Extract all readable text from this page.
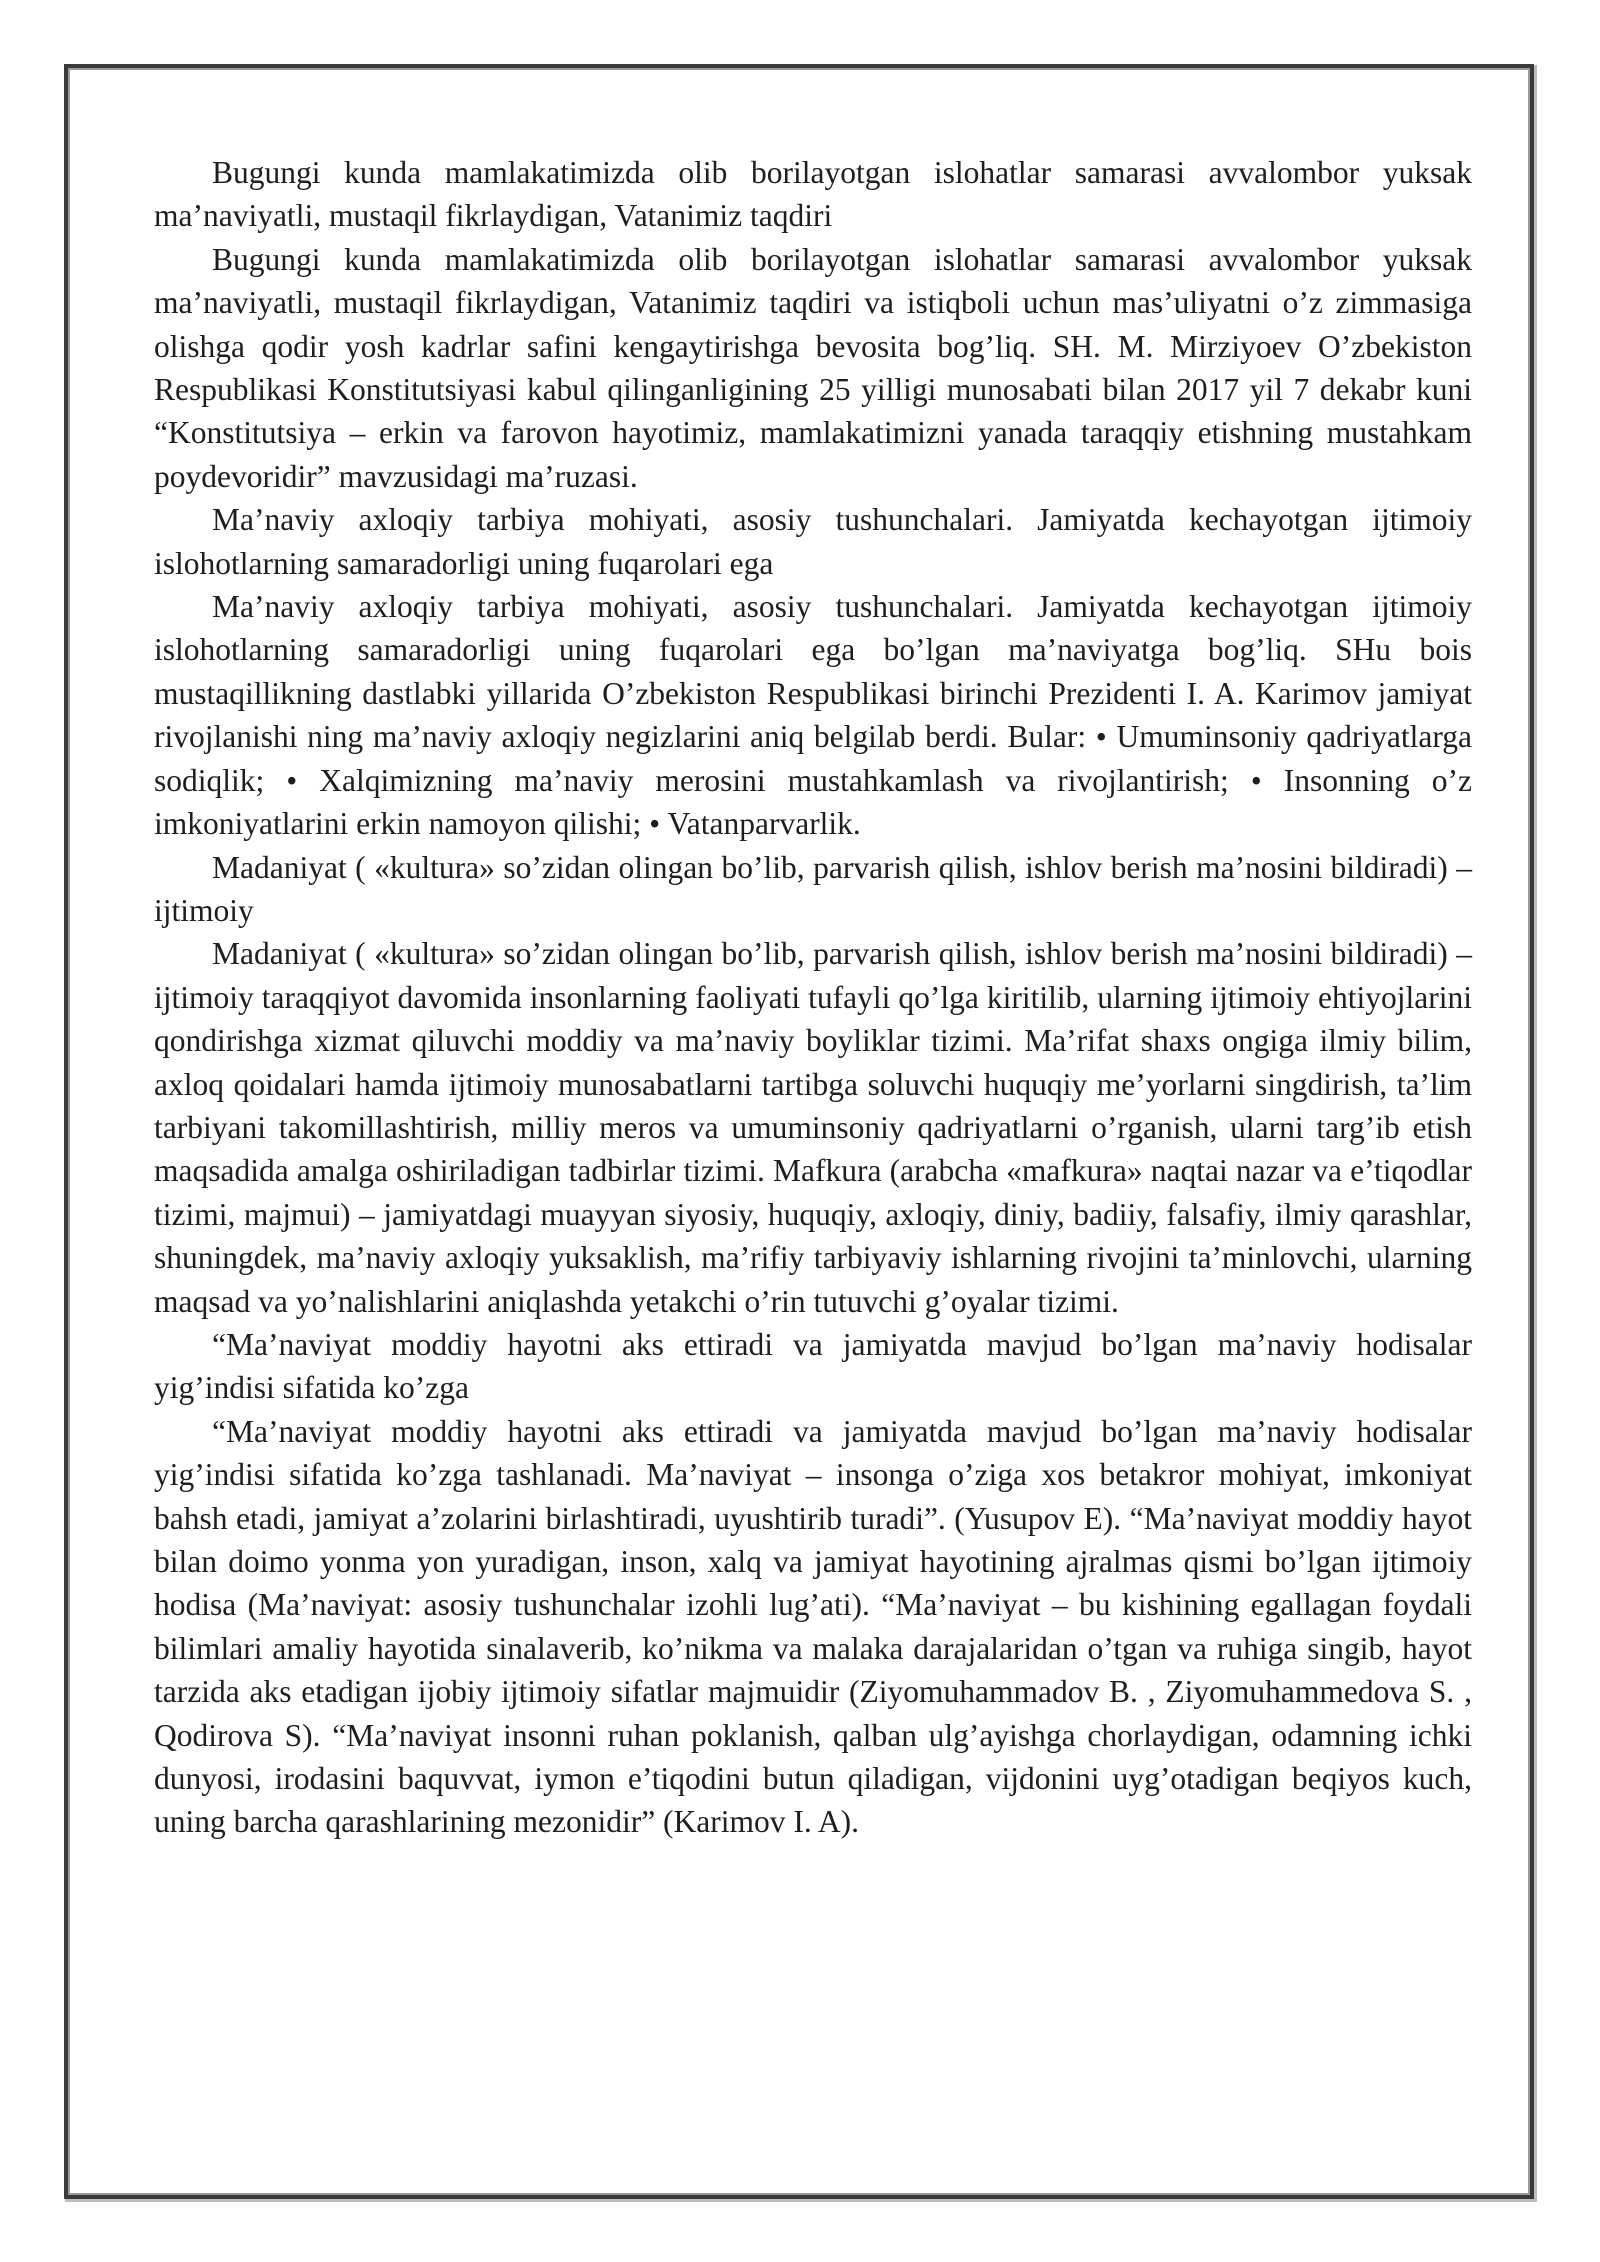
Bugungi kunda mamlakatimizda olib borilayotgan islohatlar samarasi avvalombor yuksak ma’naviyatli, mustaqil fikrlaydigan, Vatanimiz taqdiri

Bugungi kunda mamlakatimizda olib borilayotgan islohatlar samarasi avvalombor yuksak ma’naviyatli, mustaqil fikrlaydigan, Vatanimiz taqdiri va istiqboli uchun mas’uliyatni o’z zimmasiga olishga qodir yosh kadrlar safini kengaytirishga bevosita bog’liq. SH. M. Mirziyoev O’zbekiston Respublikasi Konstitutsiyasi kabul qilinganligining 25 yilligi munosabati bilan 2017 yil 7 dekabr kuni “Konstitutsiya – erkin va farovon hayotimiz, mamlakatimizni yanada taraqqiy etishning mustahkam poydevoridir” mavzusidagi ma’ruzasi.

Ma’naviy axloqiy tarbiya mohiyati, asosiy tushunchalari. Jamiyatda kechayotgan ijtimoiy islohotlarning samaradorligi uning fuqarolari ega

Ma’naviy axloqiy tarbiya mohiyati, asosiy tushunchalari. Jamiyatda kechayotgan ijtimoiy islohotlarning samaradorligi uning fuqarolari ega bo’lgan ma’naviyatga bog’liq. SHu bois mustaqillikning dastlabki yillarida O’zbekiston Respublikasi birinchi Prezidenti I. A. Karimov jamiyat rivojlanishi ning ma’naviy axloqiy negizlarini aniq belgilab berdi. Bular: • Umuminsoniy qadriyatlarga sodiqlik; • Xalqimizning ma’naviy merosini mustahkamlash va rivojlantirish; • Insonning o’z imkoniyatlarini erkin namoyon qilishi; • Vatanparvarlik.

Madaniyat ( «kultura» so’zidan olingan bo’lib, parvarish qilish, ishlov berish ma’nosini bildiradi) – ijtimoiy

Madaniyat ( «kultura» so’zidan olingan bo’lib, parvarish qilish, ishlov berish ma’nosini bildiradi) – ijtimoiy taraqqiyot davomida insonlarning faoliyati tufayli qo’lga kiritilib, ularning ijtimoiy ehtiyojlarini qondirishga xizmat qiluvchi moddiy va ma’naviy boyliklar tizimi. Ma’rifat shaxs ongiga ilmiy bilim, axloq qoidalari hamda ijtimoiy munosabatlarni tartibga soluvchi huquqiy me’yorlarni singdirish, ta’lim tarbiyani takomillashtirish, milliy meros va umuminsoniy qadriyatlarni o’rganish, ularni targ’ib etish maqsadida amalga oshiriladigan tadbirlar tizimi. Mafkura (arabcha «mafkura» naqtai nazar va e’tiqodlar tizimi, majmui) – jamiyatdagi muayyan siyosiy, huquqiy, axloqiy, diniy, badiiy, falsafiy, ilmiy qarashlar, shuningdek, ma’naviy axloqiy yuksaklish, ma’rifiy tarbiyaviy ishlarning rivojini ta’minlovchi, ularning maqsad va yo’nalishlarini aniqlashda yetakchi o’rin tutuvchi g’oyalar tizimi.

“Ma’naviyat moddiy hayotni aks ettiradi va jamiyatda mavjud bo’lgan ma’naviy hodisalar yig’indisi sifatida ko’zga

“Ma’naviyat moddiy hayotni aks ettiradi va jamiyatda mavjud bo’lgan ma’naviy hodisalar yig’indisi sifatida ko’zga tashlanadi. Ma’naviyat – insonga o’ziga xos betakror mohiyat, imkoniyat bahsh etadi, jamiyat a’zolarini birlashtiradi, uyushtirib turadi”. (Yusupov E). “Ma’naviyat moddiy hayot bilan doimo yonma yon yuradigan, inson, xalq va jamiyat hayotining ajralmas qismi bo’lgan ijtimoiy hodisa (Ma’naviyat: asosiy tushunchalar izohli lug’ati). “Ma’naviyat – bu kishining egallagan foydali bilimlari amaliy hayotida sinalaverib, ko’nikma va malaka darajalaridan o’tgan va ruhiga singib, hayot tarzida aks etadigan ijobiy ijtimoiy sifatlar majmuidir (Ziyomuhammadov B. , Ziyomuhammedova S. , Qodirova S). “Ma’naviyat insonni ruhan poklanish, qalban ulg’ayishga chorlaydigan, odamning ichki dunyosi, irodasini baquvvat, iymon e’tiqodini butun qiladigan, vijdonini uyg’otadigan beqiyos kuch, uning barcha qarashlarining mezonidir” (Karimov I. A).
